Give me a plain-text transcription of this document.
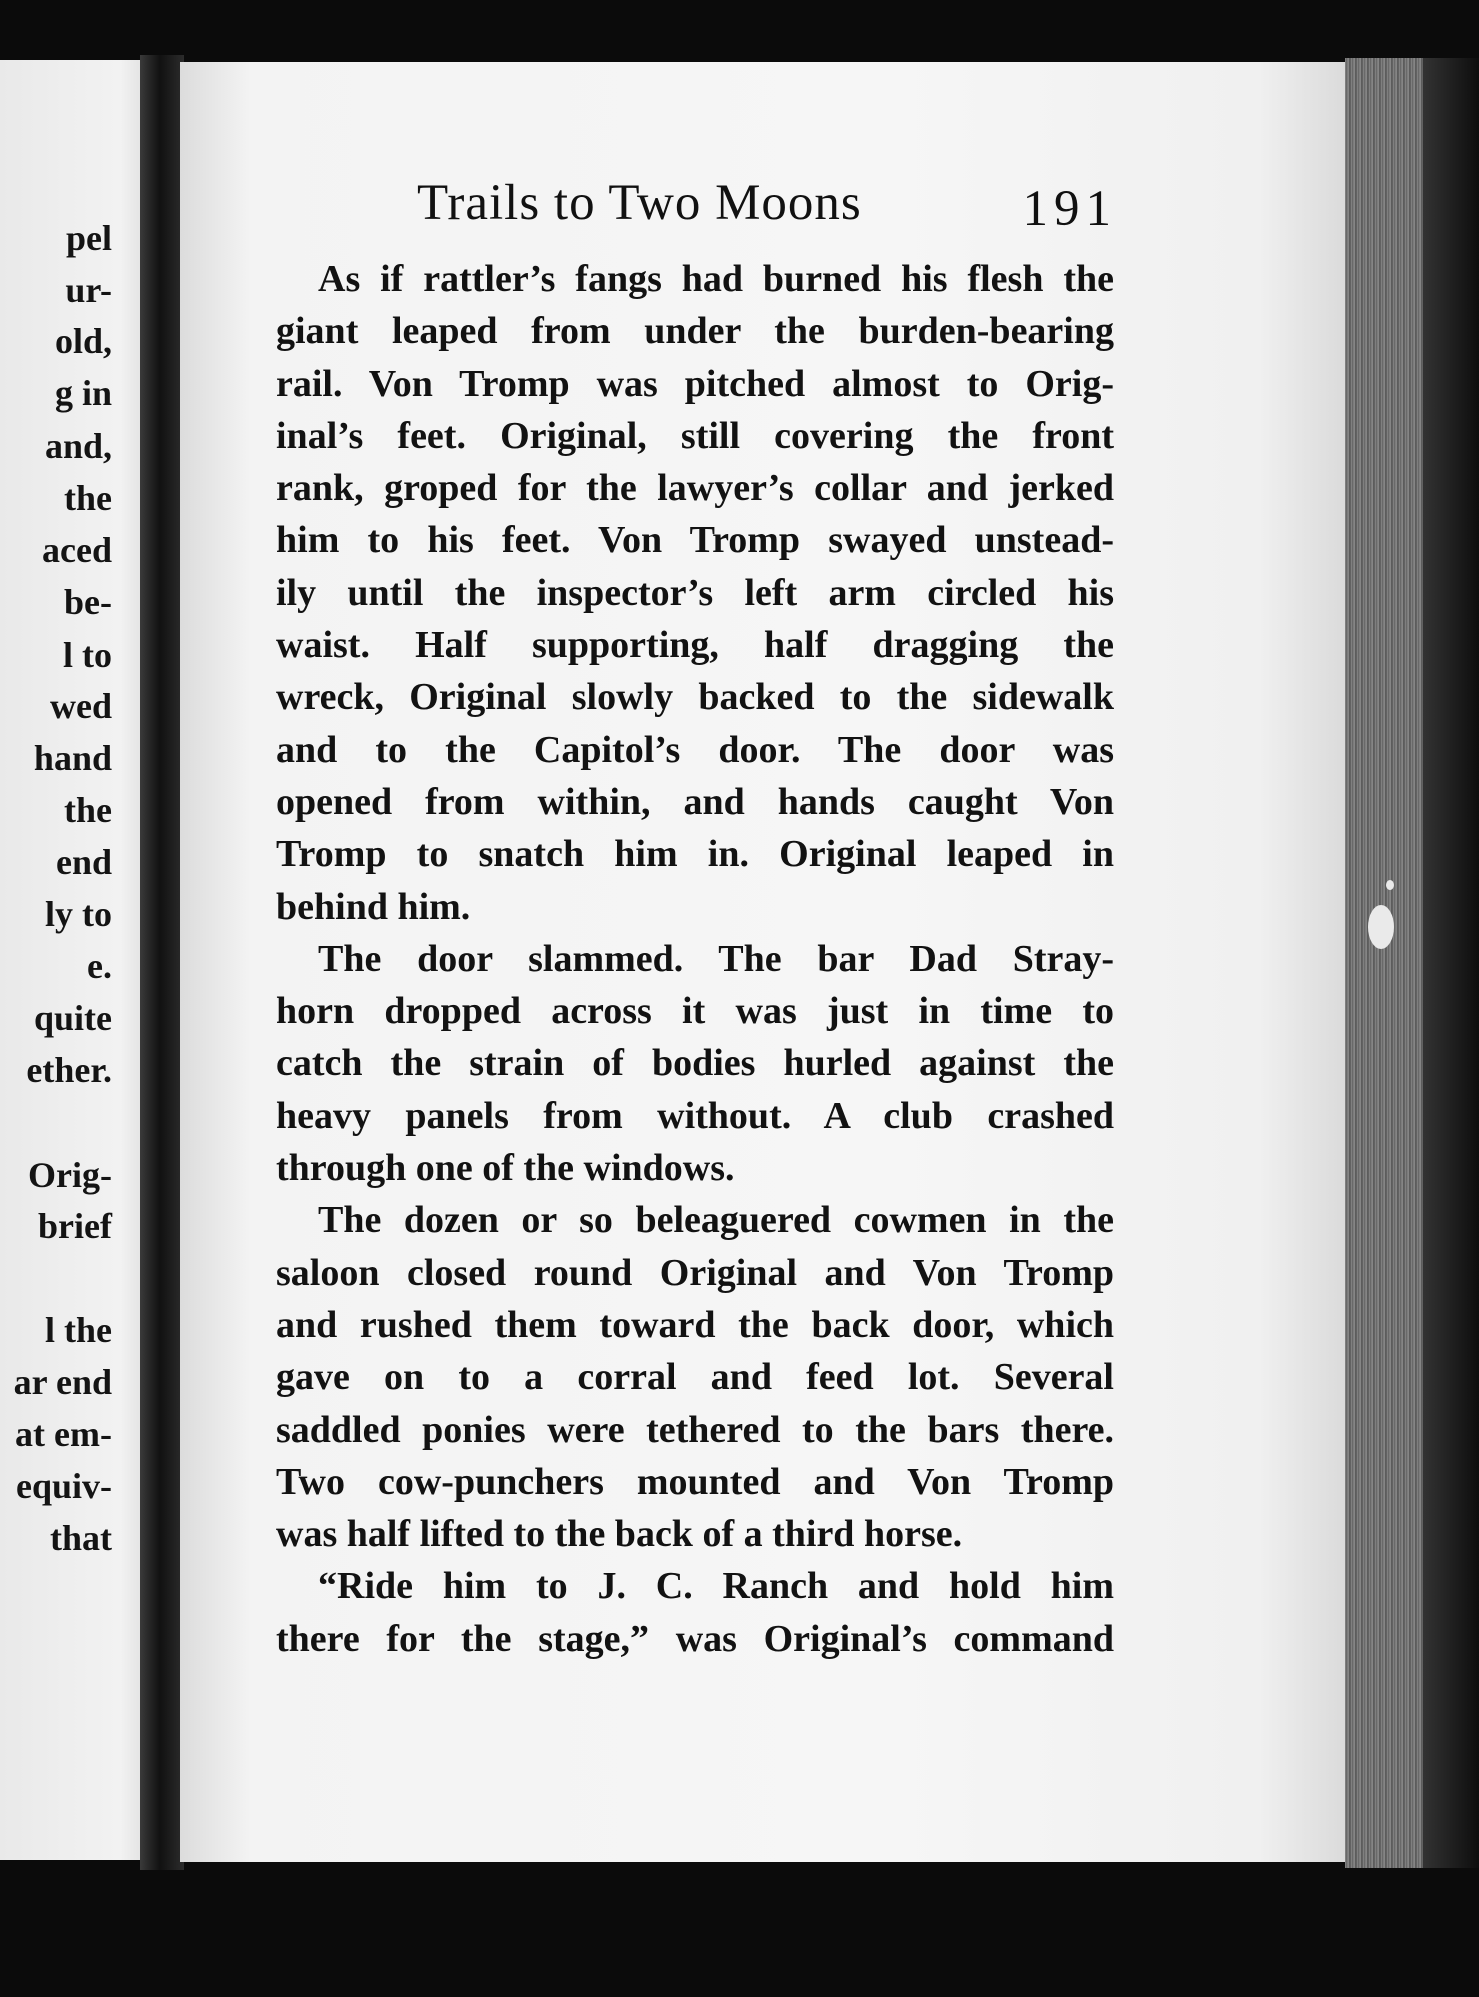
pel
ur-
old,
g in
and,
the
aced
be-
l to
wed
hand
the
end
ly to
e.
quite
ether.
Orig-
brief
l the
ar end
at em-
equiv-
that
Trails to Two Moons	191
As if rattler’s fangs had burned his flesh the
giant leaped from under the burden-bearing
rail. Von Tromp was pitched almost to Orig-
inal’s feet. Original, still covering the front
rank, groped for the lawyer’s collar and jerked
him to his feet. Von Tromp swayed unstead-
ily until the inspector’s left arm circled his
waist. Half supporting, half dragging the
wreck, Original slowly backed to the sidewalk
and to the Capitol’s door. The door was
opened from within, and hands caught Von
Tromp to snatch him in. Original leaped in
behind him.
The door slammed. The bar Dad Stray-
horn dropped across it was just in time to
catch the strain of bodies hurled against the
heavy panels from without. A club crashed
through one of the windows.
The dozen or so beleaguered cowmen in the
saloon closed round Original and Von Tromp
and rushed them toward the back door, which
gave on to a corral and feed lot. Several
saddled ponies were tethered to the bars there.
Two cow-punchers mounted and Von Tromp
was half lifted to the back of a third horse.
“Ride him to J. C. Ranch and hold him
there for the stage,” was Original’s command
